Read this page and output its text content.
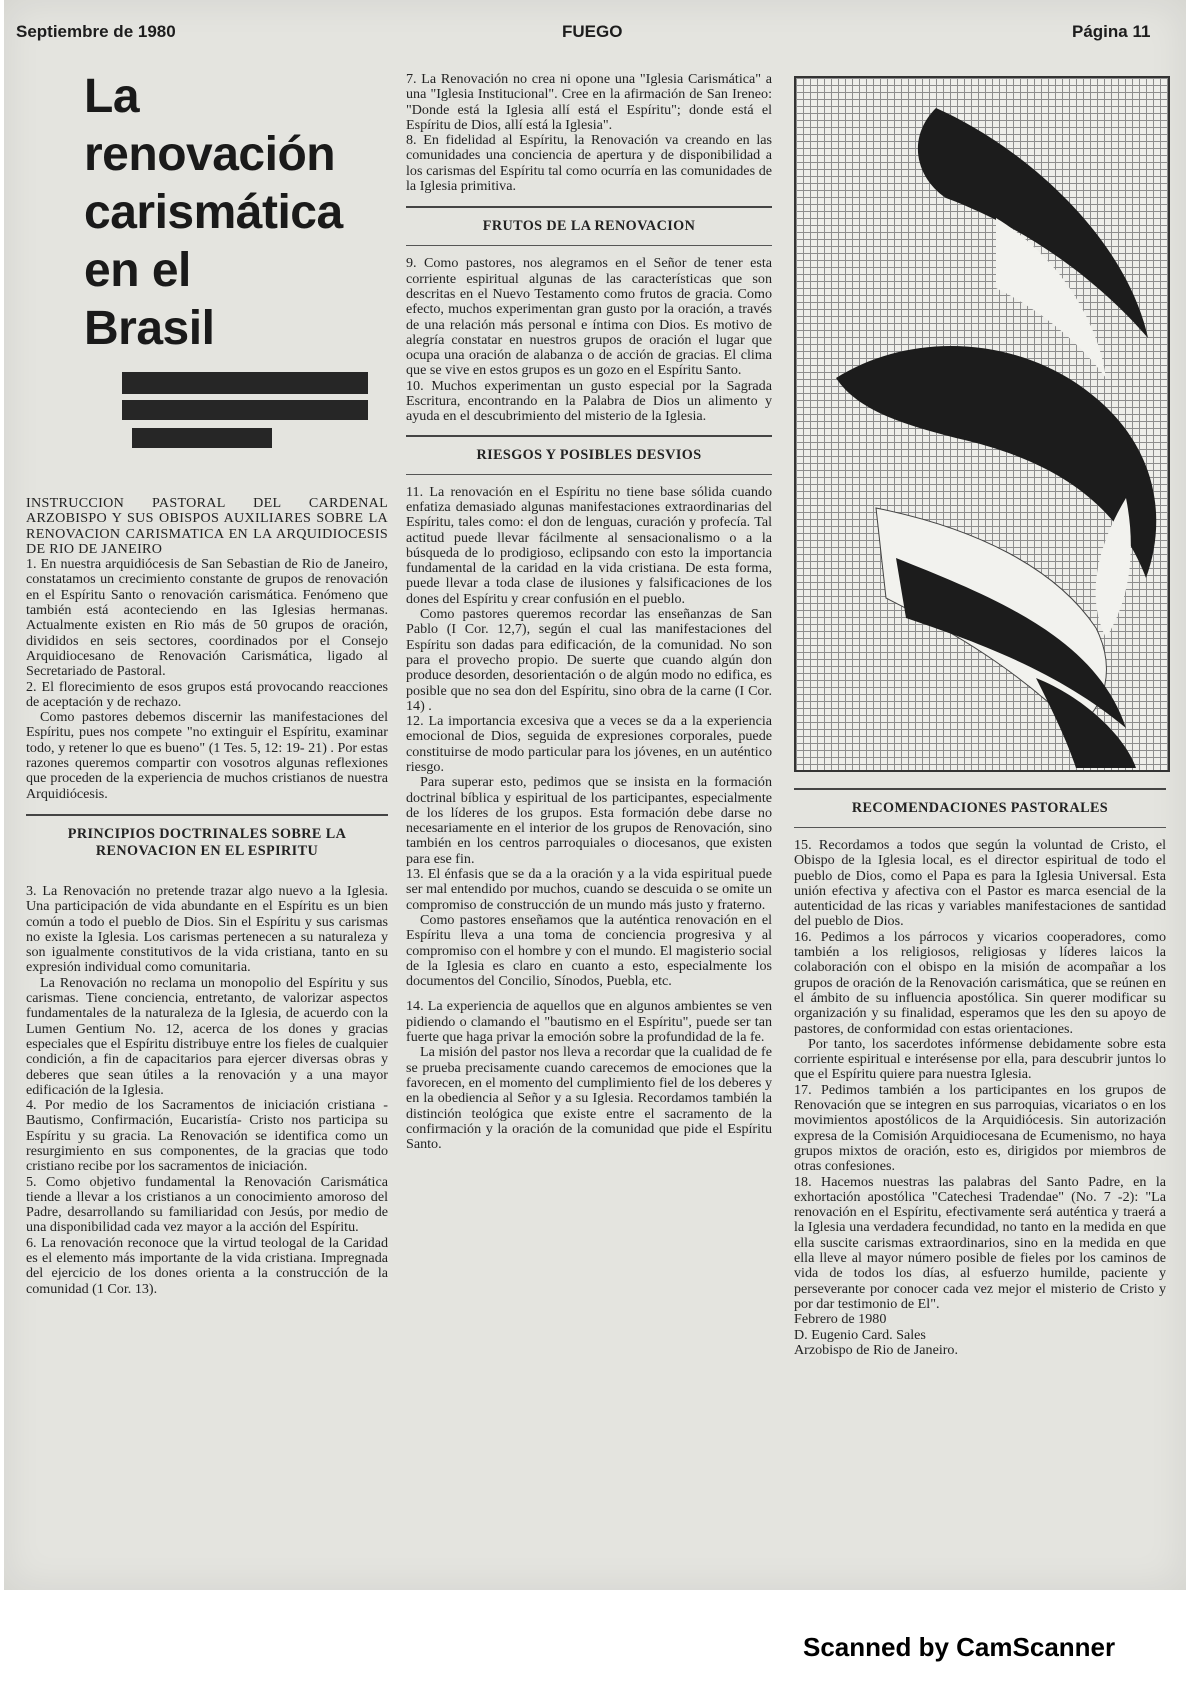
Septiembre de 1980	FUEGO	Página 11
La
renovación
carismática
en el
Brasil

INSTRUCCION PASTORAL DEL CARDENAL ARZOBISPO Y SUS OBISPOS AUXILIARES SOBRE LA RENOVACION CARISMATICA EN LA ARQUIDIOCESIS DE RIO DE JANEIRO

1. En nuestra arquidiócesis de San Sebastian de Rio de Janeiro, constatamos un crecimiento constante de grupos de renovación en el Espíritu Santo o renovación carismática. Fenómeno que también está aconteciendo en las Iglesias hermanas. Actualmente existen en Rio más de 50 grupos de oración, divididos en seis sectores, coordinados por el Consejo Arquidiocesano de Renovación Carismática, ligado al Secretariado de Pastoral.

2. El florecimiento de esos grupos está provocando reacciones de aceptación y de rechazo.

Como pastores debemos discernir las manifestaciones del Espíritu, pues nos compete "no extinguir el Espíritu, examinar todo, y retener lo que es bueno" (1 Tes. 5, 12: 19- 21) . Por estas razones queremos compartir con vosotros algunas reflexiones que proceden de la experiencia de muchos cristianos de nuestra Arquidiócesis.

PRINCIPIOS DOCTRINALES SOBRE LA RENOVACION EN EL ESPIRITU

3. La Renovación no pretende trazar algo nuevo a la Iglesia. Una participación de vida abundante en el Espíritu es un bien común a todo el pueblo de Dios. Sin el Espíritu y sus carismas no existe la Iglesia. Los carismas pertenecen a su naturaleza y son igualmente constitutivos de la vida cristiana, tanto en su expresión individual como comunitaria.

La Renovación no reclama un monopolio del Espíritu y sus carismas. Tiene conciencia, entretanto, de valorizar aspectos fundamentales de la naturaleza de la Iglesia, de acuerdo con la Lumen Gentium No. 12, acerca de los dones y gracias especiales que el Espíritu distribuye entre los fieles de cualquier condición, a fin de capacitarios para ejercer diversas obras y deberes que sean útiles a la renovación y a una mayor edificación de la Iglesia.

4. Por medio de los Sacramentos de iniciación cristiana - Bautismo, Confirmación, Eucaristía- Cristo nos participa su Espíritu y su gracia. La Renovación se identifica como un resurgimiento en sus componentes, de la gracias que todo cristiano recibe por los sacramentos de iniciación.

5. Como objetivo fundamental la Renovación Carismática tiende a llevar a los cristianos a un conocimiento amoroso del Padre, desarrollando su familiaridad con Jesús, por medio de una disponibilidad cada vez mayor a la acción del Espíritu.

6. La renovación reconoce que la virtud teologal de la Caridad es el elemento más importante de la vida cristiana. Impregnada del ejercicio de los dones orienta a la construcción de la comunidad (1 Cor. 13).

7. La Renovación no crea ni opone una "Iglesia Carismática" a una "Iglesia Institucional". Cree en la afirmación de San Ireneo: "Donde está la Iglesia allí está el Espíritu"; donde está el Espíritu de Dios, allí está la Iglesia".

8. En fidelidad al Espíritu, la Renovación va creando en las comunidades una conciencia de apertura y de disponibilidad a los carismas del Espíritu tal como ocurría en las comunidades de la Iglesia primitiva.

FRUTOS DE LA RENOVACION

9. Como pastores, nos alegramos en el Señor de tener esta corriente espiritual algunas de las características que son descritas en el Nuevo Testamento como frutos de gracia. Como efecto, muchos experimentan gran gusto por la oración, a través de una relación más personal e íntima con Dios. Es motivo de alegría constatar en nuestros grupos de oración el lugar que ocupa una oración de alabanza o de acción de gracias. El clima que se vive en estos grupos es un gozo en el Espíritu Santo.

10. Muchos experimentan un gusto especial por la Sagrada Escritura, encontrando en la Palabra de Dios un alimento y ayuda en el descubrimiento del misterio de la Iglesia.

RIESGOS Y POSIBLES DESVIOS

11. La renovación en el Espíritu no tiene base sólida cuando enfatiza demasiado algunas manifestaciones extraordinarias del Espíritu, tales como: el don de lenguas, curación y profecía. Tal actitud puede llevar fácilmente al sensacionalismo o a la búsqueda de lo prodigioso, eclipsando con esto la importancia fundamental de la caridad en la vida cristiana. De esta forma, puede llevar a toda clase de ilusiones y falsificaciones de los dones del Espíritu y crear confusión en el pueblo.

Como pastores queremos recordar las enseñanzas de San Pablo (I Cor. 12,7), según el cual las manifestaciones del Espíritu son dadas para edificación, de la comunidad. No son para el provecho propio. De suerte que cuando algún don produce desorden, desorientación o de algún modo no edifica, es posible que no sea don del Espíritu, sino obra de la carne (I Cor. 14) .

12. La importancia excesiva que a veces se da a la experiencia emocional de Dios, seguida de expresiones corporales, puede constituirse de modo particular para los jóvenes, en un auténtico riesgo.

Para superar esto, pedimos que se insista en la formación doctrinal bíblica y espiritual de los participantes, especialmente de los líderes de los grupos. Esta formación debe darse no necesariamente en el interior de los grupos de Renovación, sino también en los centros parroquiales o diocesanos, que existen para ese fin.

13. El énfasis que se da a la oración y a la vida espiritual puede ser mal entendido por muchos, cuando se descuida o se omite un compromiso de construcción de un mundo más justo y fraterno.

Como pastores enseñamos que la auténtica renovación en el Espíritu lleva a una toma de conciencia progresiva y al compromiso con el hombre y con el mundo. El magisterio social de la Iglesia es claro en cuanto a esto, especialmente los documentos del Concilio, Sínodos, Puebla, etc.

14. La experiencia de aquellos que en algunos ambientes se ven pidiendo o clamando el "bautismo en el Espíritu", puede ser tan fuerte que haga privar la emoción sobre la profundidad de la fe.

La misión del pastor nos lleva a recordar que la cualidad de fe se prueba precisamente cuando carecemos de emociones que la favorecen, en el momento del cumplimiento fiel de los deberes y en la obediencia al Señor y a su Iglesia. Recordamos también la distinción teológica que existe entre el sacramento de la confirmación y la oración de la comunidad que pide el Espíritu Santo.

RECOMENDACIONES PASTORALES

15. Recordamos a todos que según la voluntad de Cristo, el Obispo de la Iglesia local, es el director espiritual de todo el pueblo de Dios, como el Papa es para la Iglesia Universal. Esta unión efectiva y afectiva con el Pastor es marca esencial de la autenticidad de las ricas y variables manifestaciones de santidad del pueblo de Dios.

16. Pedimos a los párrocos y vicarios cooperadores, como también a los religiosos, religiosas y líderes laicos la colaboración con el obispo en la misión de acompañar a los grupos de oración de la Renovación carismática, que se reúnen en el ámbito de su influencia apostólica. Sin querer modificar su organización y su finalidad, esperamos que les den su apoyo de pastores, de conformidad con estas orientaciones.

Por tanto, los sacerdotes infórmense debidamente sobre esta corriente espiritual e interésense por ella, para descubrir juntos lo que el Espíritu quiere para nuestra Iglesia.

17. Pedimos también a los participantes en los grupos de Renovación que se integren en sus parroquias, vicariatos o en los movimientos apostólicos de la Arquidiócesis. Sin autorización expresa de la Comisión Arquidiocesana de Ecumenismo, no haya grupos mixtos de oración, esto es, dirigidos por miembros de otras confesiones.

18. Hacemos nuestras las palabras del Santo Padre, en la exhortación apostólica "Catechesi Tradendae" (No. 7 -2): "La renovación en el Espíritu, efectivamente será auténtica y traerá a la Iglesia una verdadera fecundidad, no tanto en la medida en que ella suscite carismas extraordinarios, sino en la medida en que ella lleve al mayor número posible de fieles por los caminos de vida de todos los días, al esfuerzo humilde, paciente y perseverante por conocer cada vez mejor el misterio de Cristo y por dar testimonio de El".

Febrero de 1980

D. Eugenio Card. Sales

Arzobispo de Rio de Janeiro.

Scanned by CamScanner
